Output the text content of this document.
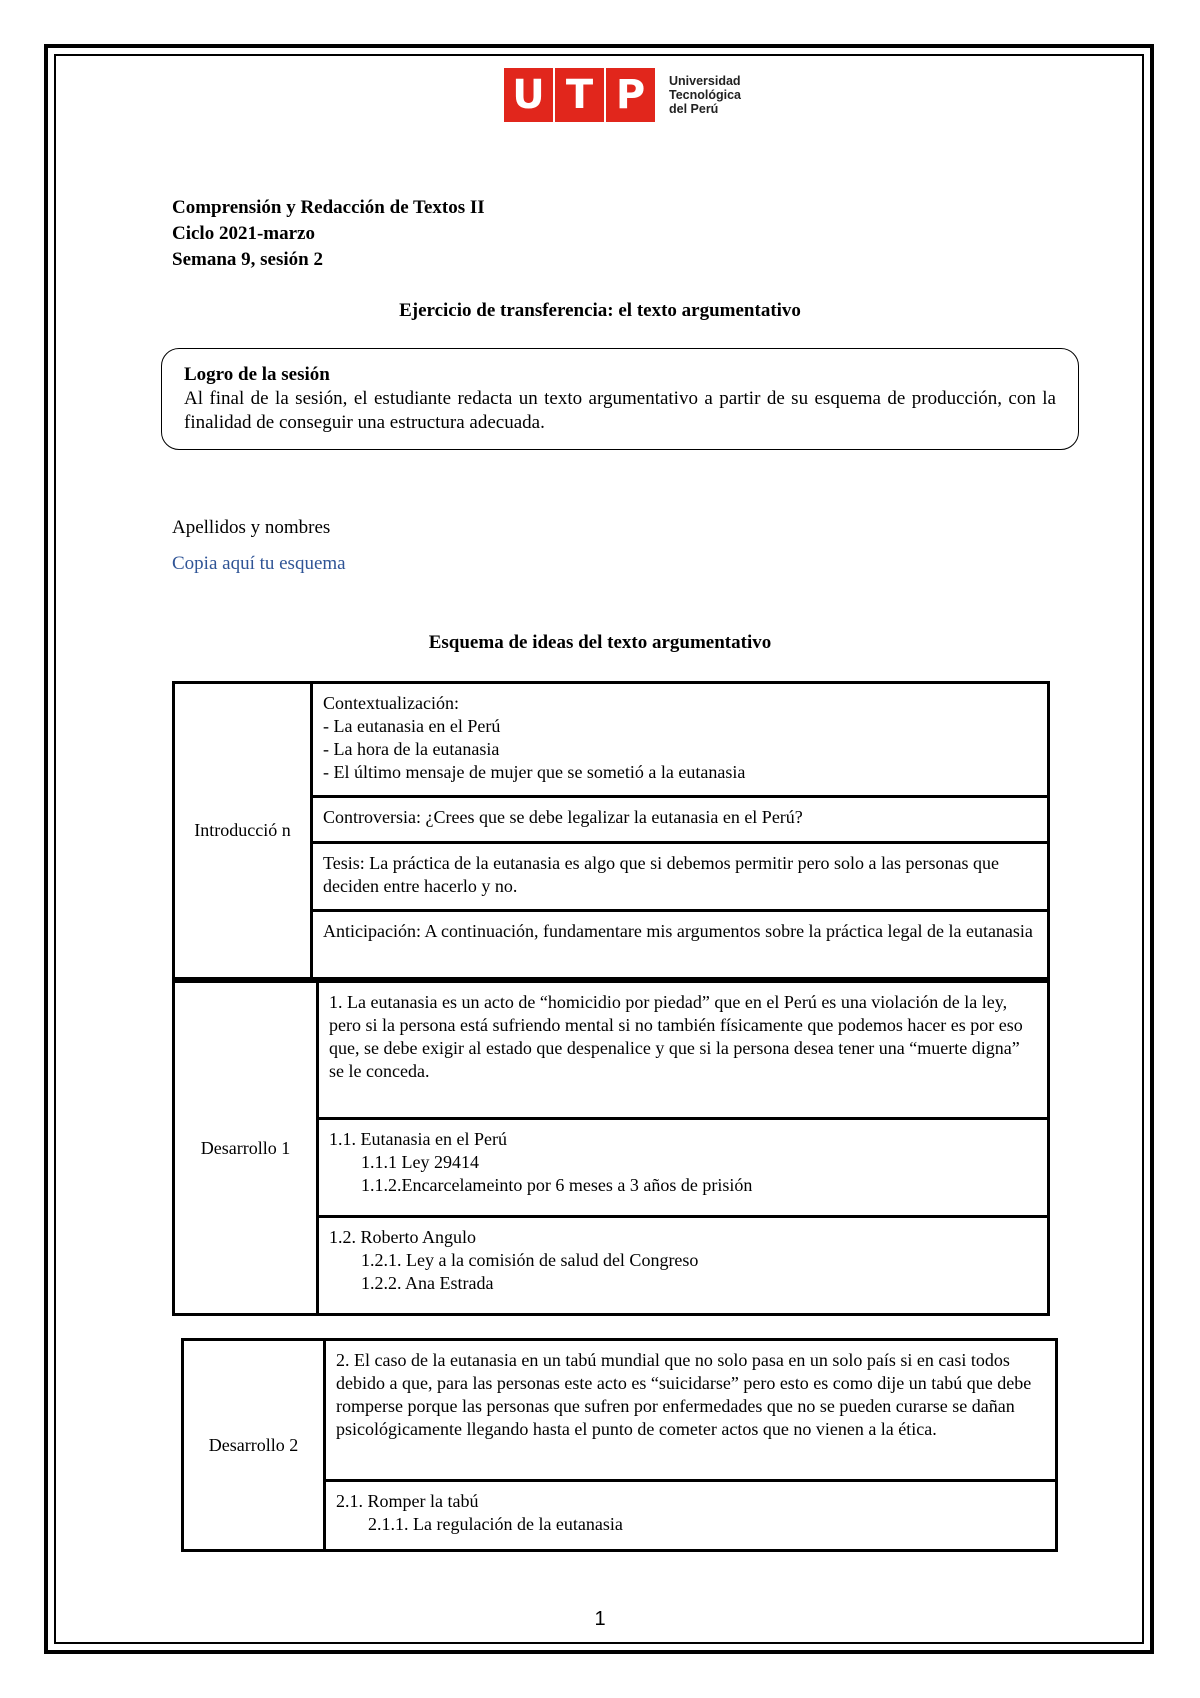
U T P	Universidad
Tecnológica
del Perú
Comprensión y Redacción de Textos II
Ciclo 2021-marzo
Semana 9, sesión 2
Ejercicio de transferencia: el texto argumentativo
Logro de la sesión
Al final de la sesión, el estudiante redacta un texto argumentativo a partir de su esquema de producción, con la finalidad de conseguir una estructura adecuada.
Apellidos y nombres
Copia aquí tu esquema
Esquema de ideas del texto argumentativo
Introducció n	Contextualización:
- La eutanasia en el Perú
- La hora de la eutanasia
- El último mensaje de mujer que se sometió a la eutanasia
Controversia: ¿Crees que se debe legalizar la eutanasia en el Perú?
Tesis: La práctica de la eutanasia es algo que si debemos permitir pero solo a las personas que deciden entre hacerlo y no.
Anticipación: A continuación, fundamentare mis argumentos sobre la práctica legal de la eutanasia
Desarrollo 1	1. La eutanasia es un acto de “homicidio por piedad” que en el Perú es una violación de la ley, pero si la persona está sufriendo mental si no también físicamente que podemos hacer es por eso que, se debe exigir al estado que despenalice y que si la persona desea tener una “muerte digna” se le conceda.

1.1. Eutanasia en el Perú
1.1.1 Ley 29414
1.1.2.Encarcelameinto por 6 meses a 3 años de prisión

1.2. Roberto Angulo
1.2.1. Ley a la comisión de salud del Congreso
1.2.2. Ana Estrada
Desarrollo 2	2. El caso de la eutanasia en un tabú mundial que no solo pasa en un solo país si en casi todos debido a que, para las personas este acto es “suicidarse” pero esto es como dije un tabú que debe romperse porque las personas que sufren por enfermedades que no se pueden curarse se dañan psicológicamente llegando hasta el punto de cometer actos que no vienen a la ética.

2.1. Romper la tabú
2.1.1. La regulación de la eutanasia
1
